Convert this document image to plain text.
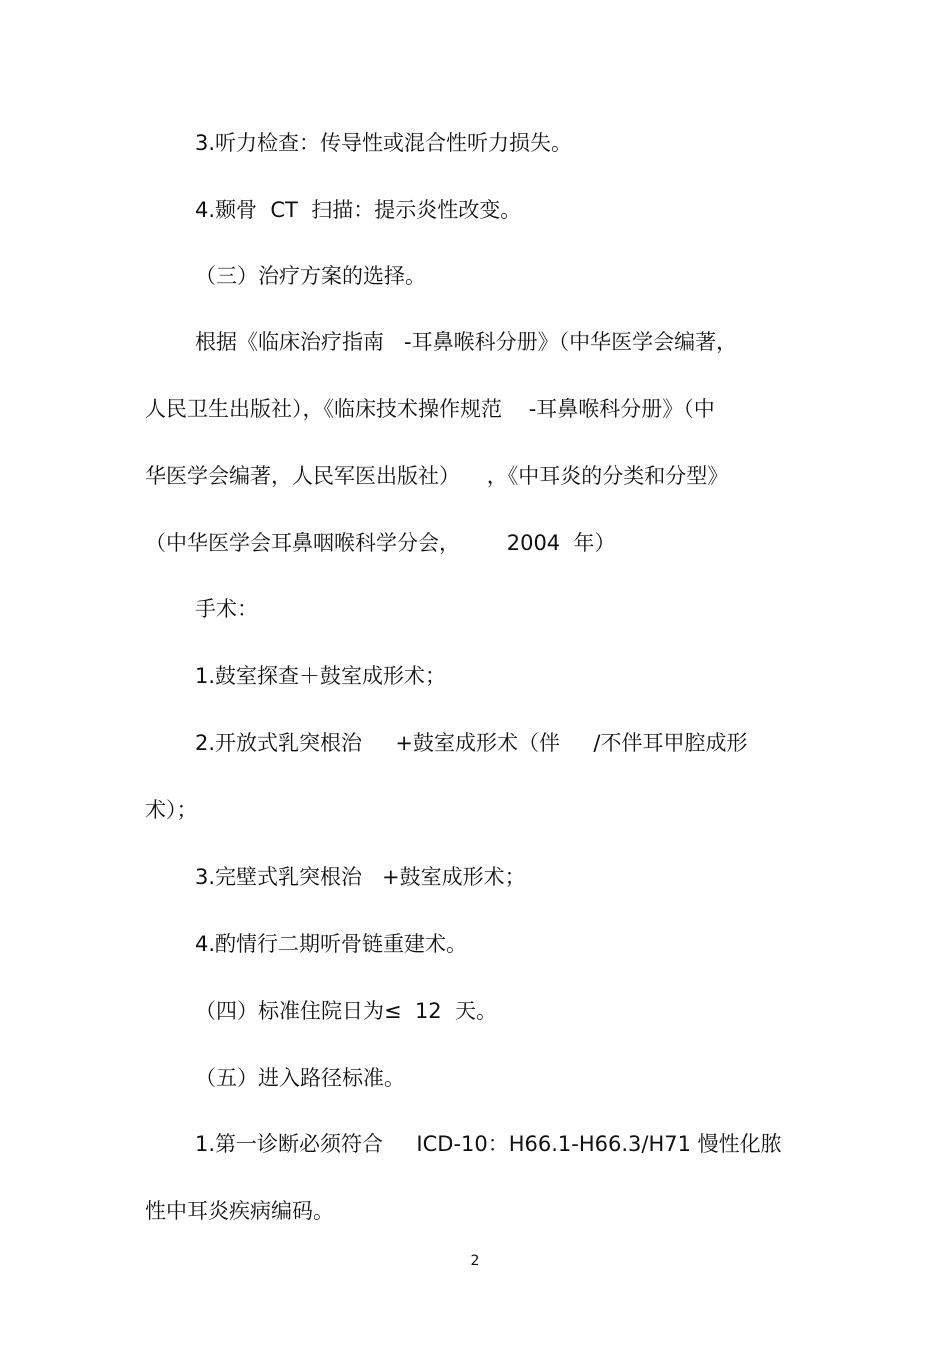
3.听力检查：传导性或混合性听力损失。

4.颞骨  CT  扫描：提示炎性改变。

（三）治疗方案的选择。

根据《临床治疗指南   -耳鼻喉科分册》（中华医学会编著，

人民卫生出版社），《临床技术操作规范    -耳鼻喉科分册》（中

华医学会编著，人民军医出版社）    ，《中耳炎的分类和分型》

（中华医学会耳鼻咽喉科学分会，       2004  年）

手术：

1.鼓室探查＋鼓室成形术；

2.开放式乳突根治     +鼓室成形术（伴     /不伴耳甲腔成形

术）；

3.完壁式乳突根治   +鼓室成形术；

4.酌情行二期听骨链重建术。

（四）标准住院日为≤  12  天。

（五）进入路径标准。

1.第一诊断必须符合     ICD-10：H66.1-H66.3/H71 慢性化脓

性中耳炎疾病编码。

2
